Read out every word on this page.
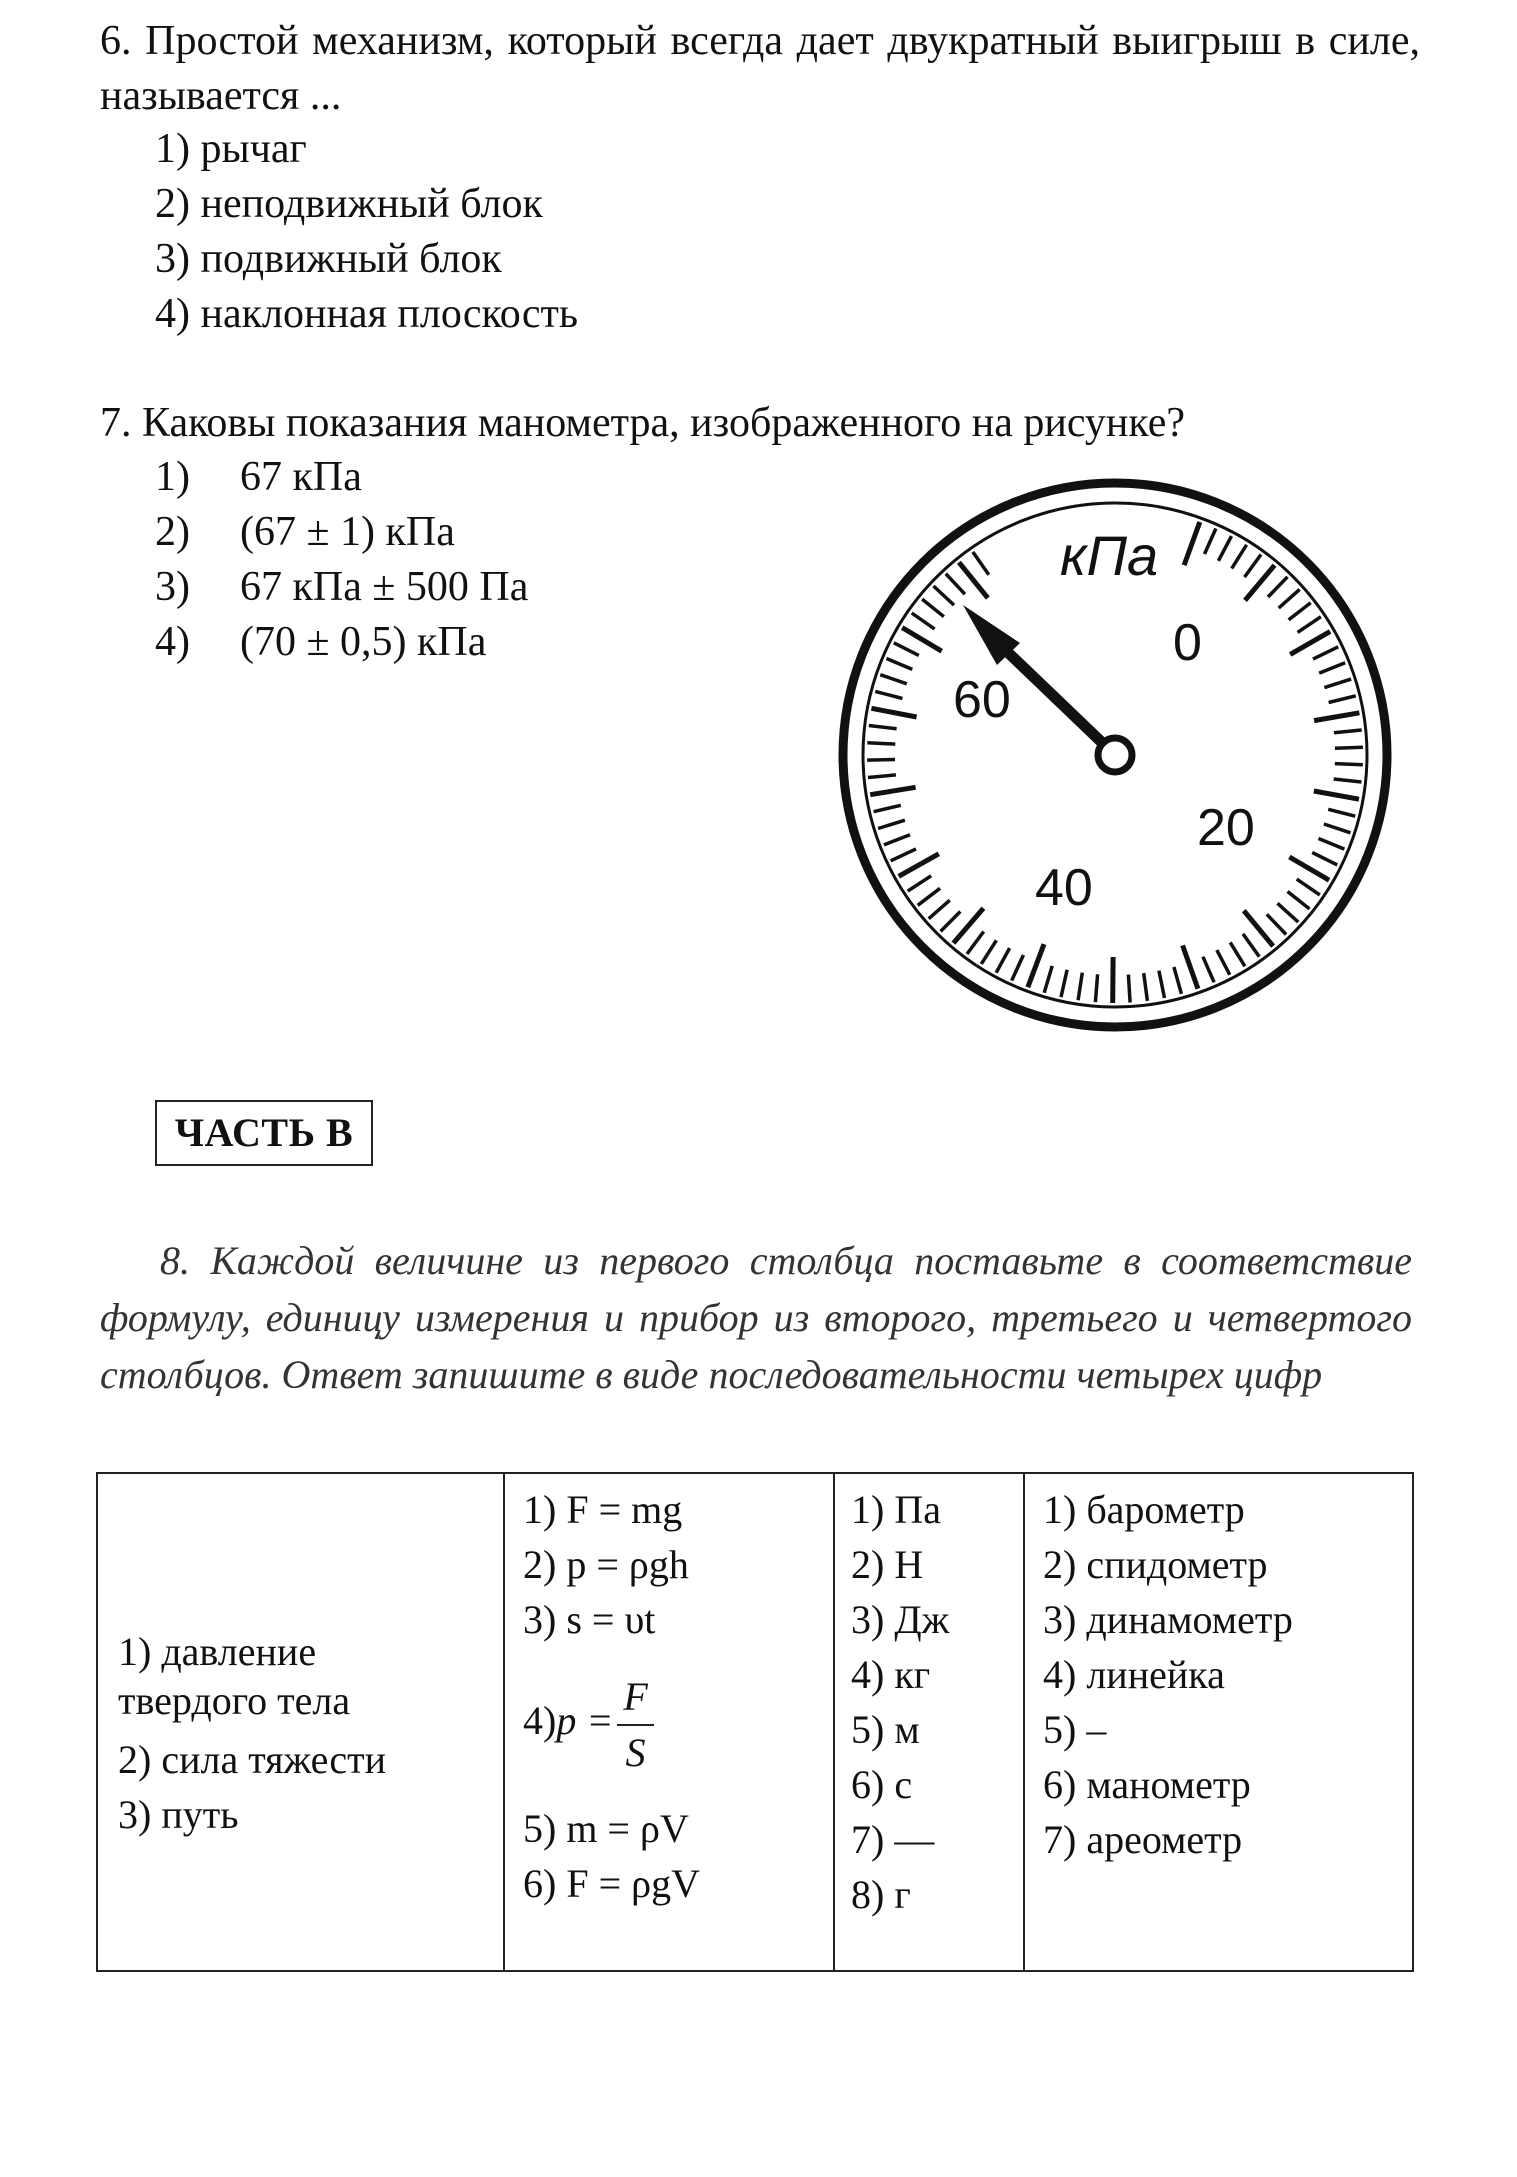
6. Простой механизм, который всегда дает двукратный выигрыш в силе, называется ...
1) рычаг
2) неподвижный блок
3) подвижный блок
4) наклонная плоскость
7. Каковы показания манометра, изображенного на рисунке?
1) 67 кПа
2) (67 ± 1) кПа
3) 67 кПа ± 500 Па
4) (70 ± 0,5) кПа
кПа
0
20
40
60
ЧАСТЬ В
8. Каждой величине из первого столбца поставьте в соответствие формулу, единицу измерения и прибор из второго, третьего и четвертого столбцов. Ответ запишите в виде последовательности четырех цифр
1) давление
твердого тела
2) сила тяжести
3) путь

1) F = mg
2) p = ρgh
3) s = υt
$4)p = \frac{F}{S}$
5) m = ρV
6) F = ρgV

1) Па
2) Н
3) Дж
4) кг
5) м
6) с
7) —
8) г

1) барометр
2) спидометр
3) динамометр
4) линейка
5) –
6) манометр
7) ареометр
